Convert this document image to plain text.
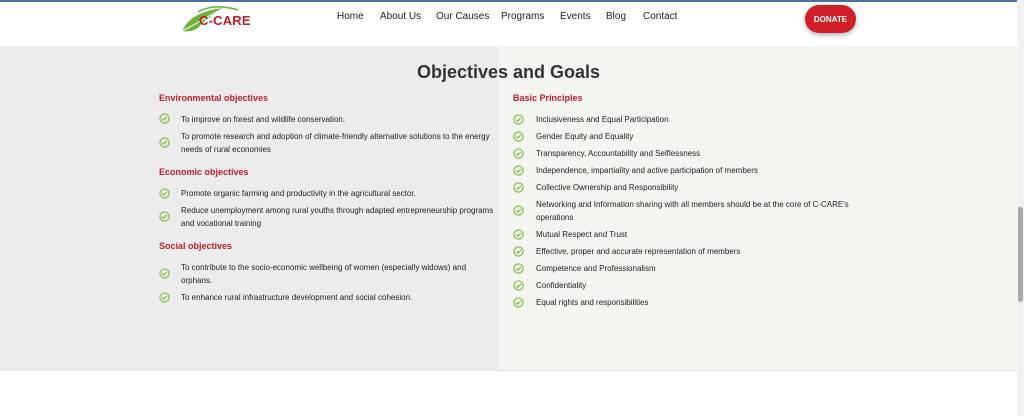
C-CARE	Home About Us Our Causes Programs Events Blog Contact	DONATE
Objectives and Goals
Environmental objectives
To improve on forest and wildlife conservation.
To promote research and adoption of climate-friendly alternative solutions to the energy needs of rural economies
Economic objectives
Promote organic farming and productivity in the agricultural sector.
Reduce unemployment among rural youths through adapted entrepreneurship programs and vocational training
Social objectives
To contribute to the socio-economic wellbeing of women (especially widows) and orphans.
To enhance rural infrastructure development and social cohesion.
Basic Principles
Inclusiveness and Equal Participation
Gender Equity and Equality
Transparency, Accountability and Selflessness
Independence, impartiality and active participation of members
Collective Ownership and Responsibility
Networking and Information sharing with all members should be at the core of C-CARE's operations
Mutual Respect and Trust
Effective, proper and accurate representation of members
Competence and Professionalism
Confidentiality
Equal rights and responsibilities
